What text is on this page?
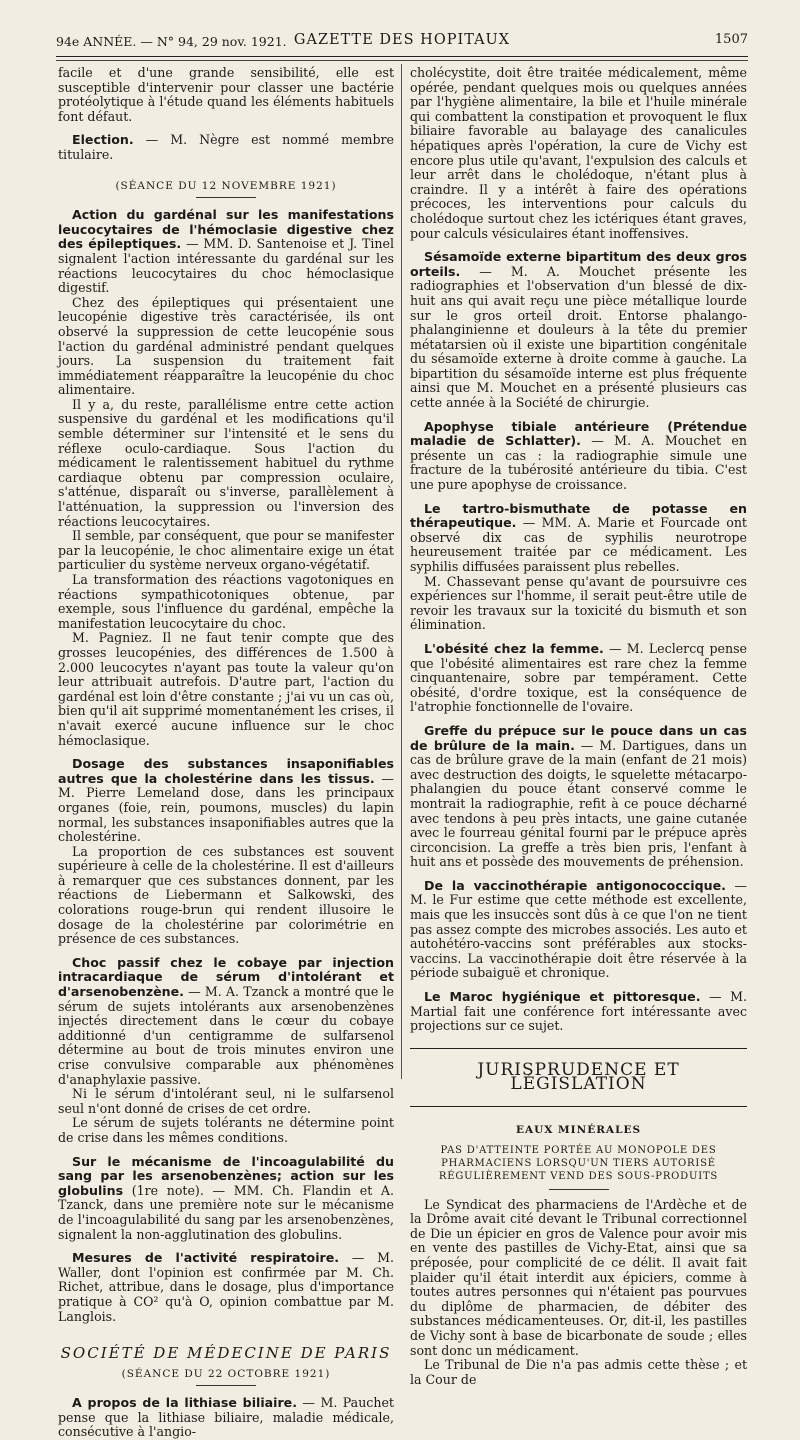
94e ANNÉE. — N° 94, 29 nov. 1921. GAZETTE DES HOPITAUX	1507

facile et d'une grande sensibilité, elle est susceptible d'intervenir pour classer une bactérie protéolytique à l'étude quand les éléments habituels font défaut.

Election. — M. Nègre est nommé membre titulaire.

(SÉANCE DU 12 NOVEMBRE 1921)

Action du gardénal sur les manifestations leucocytaires de l'hémoclasie digestive chez des épileptiques. — MM. D. Santenoise et J. Tinel signalent l'action intéressante du gardénal sur les réactions leucocytaires du choc hémoclasique digestif.

Chez des épileptiques qui présentaient une leucopénie digestive très caractérisée, ils ont observé la suppression de cette leucopénie sous l'action du gardénal administré pendant quelques jours. La suspension du traitement fait immédiatement réapparaître la leucopénie du choc alimentaire.

Il y a, du reste, parallélisme entre cette action suspensive du gardénal et les modifications qu'il semble déterminer sur l'intensité et le sens du réflexe oculo-cardiaque. Sous l'action du médicament le ralentissement habituel du rythme cardiaque obtenu par compression oculaire, s'atténue, disparaît ou s'inverse, parallèlement à l'atténuation, la suppression ou l'inversion des réactions leucocytaires.

Il semble, par conséquent, que pour se manifester par la leucopénie, le choc alimentaire exige un état particulier du système nerveux organo-végétatif.

La transformation des réactions vagotoniques en réactions sympathicotoniques obtenue, par exemple, sous l'influence du gardénal, empêche la manifestation leucocytaire du choc.

M. Pagniez. Il ne faut tenir compte que des grosses leucopénies, des différences de 1.500 à 2.000 leucocytes n'ayant pas toute la valeur qu'on leur attribuait autrefois. D'autre part, l'action du gardénal est loin d'être constante ; j'ai vu un cas où, bien qu'il ait supprimé momentanément les crises, il n'avait exercé aucune influence sur le choc hémoclasique.

Dosage des substances insaponifiables autres que la cholestérine dans les tissus. — M. Pierre Lemeland dose, dans les principaux organes (foie, rein, poumons, muscles) du lapin normal, les substances insaponifiables autres que la cholestérine.

La proportion de ces substances est souvent supérieure à celle de la cholestérine. Il est d'ailleurs à remarquer que ces substances donnent, par les réactions de Liebermann et Salkowski, des colorations rouge-brun qui rendent illusoire le dosage de la cholestérine par colorimétrie en présence de ces substances.

Choc passif chez le cobaye par injection intracardiaque de sérum d'intolérant et d'arsenobenzène. — M. A. Tzanck a montré que le sérum de sujets intolérants aux arsenobenzènes injectés directement dans le cœur du cobaye additionné d'un centigramme de sulfarsenol détermine au bout de trois minutes environ une crise convulsive comparable aux phénomènes d'anaphylaxie passive.

Ni le sérum d'intolérant seul, ni le sulfarsenol seul n'ont donné de crises de cet ordre.

Le sérum de sujets tolérants ne détermine point de crise dans les mêmes conditions.

Sur le mécanisme de l'incoagulabilité du sang par les arsenobenzènes; action sur les globulins (1re note). — MM. Ch. Flandin et A. Tzanck, dans une première note sur le mécanisme de l'incoagulabilité du sang par les arsenobenzènes, signalent la non-agglutination des globulins.

Mesures de l'activité respiratoire. — M. Waller, dont l'opinion est confirmée par M. Ch. Richet, attribue, dans le dosage, plus d'importance pratique à CO² qu'à O, opinion combattue par M. Langlois.

SOCIÉTÉ DE MÉDECINE DE PARIS
(SÉANCE DU 22 OCTOBRE 1921)

A propos de la lithiase biliaire. — M. Pauchet pense que la lithiase biliaire, maladie médicale, consécutive à l'angio-

cholécystite, doit être traitée médicalement, même opérée, pendant quelques mois ou quelques années par l'hygiène alimentaire, la bile et l'huile minérale qui combattent la constipation et provoquent le flux biliaire favorable au balayage des canalicules hépatiques après l'opération, la cure de Vichy est encore plus utile qu'avant, l'expulsion des calculs et leur arrêt dans le cholédoque, n'étant plus à craindre. Il y a intérêt à faire des opérations précoces, les interventions pour calculs du cholédoque surtout chez les ictériques étant graves, pour calculs vésiculaires étant inoffensives.

Sésamoïde externe bipartitum des deux gros orteils. — M. A. Mouchet présente les radiographies et l'observation d'un blessé de dix-huit ans qui avait reçu une pièce métallique lourde sur le gros orteil droit. Entorse phalango-phalanginienne et douleurs à la tête du premier métatarsien où il existe une bipartition congénitale du sésamoïde externe à droite comme à gauche. La bipartition du sésamoïde interne est plus fréquente ainsi que M. Mouchet en a présenté plusieurs cas cette année à la Société de chirurgie.

Apophyse tibiale antérieure (Prétendue maladie de Schlatter). — M. A. Mouchet en présente un cas : la radiographie simule une fracture de la tubérosité antérieure du tibia. C'est une pure apophyse de croissance.

Le tartro-bismuthate de potasse en thérapeutique. — MM. A. Marie et Fourcade ont observé dix cas de syphilis neurotrope heureusement traitée par ce médicament. Les syphilis diffusées paraissent plus rebelles.

M. Chassevant pense qu'avant de poursuivre ces expériences sur l'homme, il serait peut-être utile de revoir les travaux sur la toxicité du bismuth et son élimination.

L'obésité chez la femme. — M. Leclercq pense que l'obésité alimentaires est rare chez la femme cinquantenaire, sobre par tempérament. Cette obésité, d'ordre toxique, est la conséquence de l'atrophie fonctionnelle de l'ovaire.

Greffe du prépuce sur le pouce dans un cas de brûlure de la main. — M. Dartigues, dans un cas de brûlure grave de la main (enfant de 21 mois) avec destruction des doigts, le squelette métacarpo-phalangien du pouce étant conservé comme le montrait la radiographie, refit à ce pouce décharné avec tendons à peu près intacts, une gaine cutanée avec le fourreau génital fourni par le prépuce après circoncision. La greffe a très bien pris, l'enfant à huit ans et possède des mouvements de préhension.

De la vaccinothérapie antigonococcique. — M. le Fur estime que cette méthode est excellente, mais que les insuccès sont dûs à ce que l'on ne tient pas assez compte des microbes associés. Les auto et autohétéro-vaccins sont préférables aux stocks-vaccins. La vaccinothérapie doit être réservée à la période subaiguë et chronique.

Le Maroc hygiénique et pittoresque. — M. Martial fait une conférence fort intéressante avec projections sur ce sujet.

JURISPRUDENCE ET LÉGISLATION
EAUX MINÉRALES
PAS D'ATTEINTE PORTÉE AU MONOPOLE DES PHARMACIENS LORSQU'UN TIERS AUTORISÉ RÉGULIÈREMENT VEND DES SOUS-PRODUITS

Le Syndicat des pharmaciens de l'Ardèche et de la Drôme avait cité devant le Tribunal correctionnel de Die un épicier en gros de Valence pour avoir mis en vente des pastilles de Vichy-Etat, ainsi que sa préposée, pour complicité de ce délit. Il avait fait plaider qu'il était interdit aux épiciers, comme à toutes autres personnes qui n'étaient pas pourvues du diplôme de pharmacien, de débiter des substances médicamenteuses. Or, dit-il, les pastilles de Vichy sont à base de bicarbonate de soude ; elles sont donc un médicament.

Le Tribunal de Die n'a pas admis cette thèse ; et la Cour de
